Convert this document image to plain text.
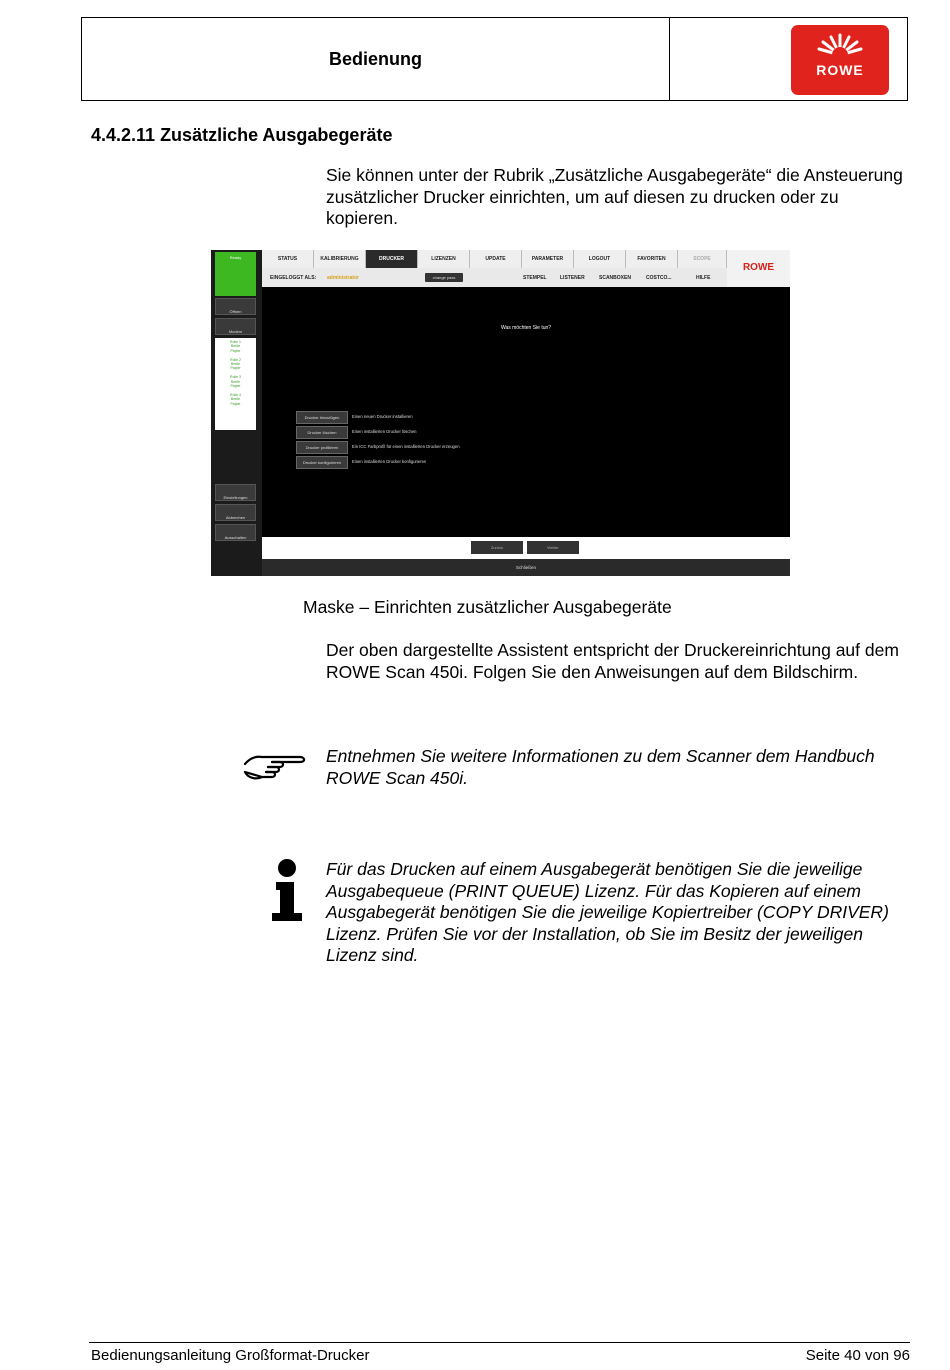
Bedienung
ROWE
4.4.2.11 Zusätzliche Ausgabegeräte
Sie können unter der Rubrik „Zusätzliche Ausgabegeräte“ die Ansteuerung zusätzlicher Drucker einrichten, um auf diesen zu drucken oder zu kopieren.
Ready
Öffnen
Modem
Rolle 1
Breite
Papier

Rolle 2
Breite
Papier

Rolle 3
Breite
Papier

Rolle 4
Breite
Papier
Einstellungen
Abbrechen
Ausschalten
STATUS	KALIBRIERUNG	DRUCKER	LIZENZEN	UPDATE	PARAMETER	LOGOUT	FAVORITEN	SCOPE
EINGELOGGT ALS: administrator	change pass	STEMPEL	LISTENER	SCANBOXEN	COSTCO...	HILFE
ROWE
Was möchten Sie tun?
Drucker hinzufügen	Einen neuen Drucker installieren
Drucker löschen	Einen installierten Drucker löschen
Drucker profilieren	Ein ICC Farbprofil für einen installierten Drucker erzeugen
Drucker konfigurieren	Einen installierten Drucker konfigurieren
Zurück	Weiter
Schließen
Maske – Einrichten zusätzlicher Ausgabegeräte
Der oben dargestellte Assistent entspricht der Druckereinrichtung auf dem ROWE Scan 450i. Folgen Sie den Anweisungen auf dem Bildschirm.
Entnehmen Sie weitere Informationen zu dem Scanner dem Handbuch ROWE Scan 450i.
Für das Drucken auf einem Ausgabegerät benötigen Sie die jeweilige Ausgabequeue (PRINT QUEUE) Lizenz. Für das Kopieren auf einem Ausgabegerät benötigen Sie die jeweilige Kopiertreiber (COPY DRIVER) Lizenz. Prüfen Sie vor der Installation, ob Sie im Besitz der jeweiligen Lizenz sind.
Bedienungsanleitung Großformat-Drucker	Seite 40 von 96
